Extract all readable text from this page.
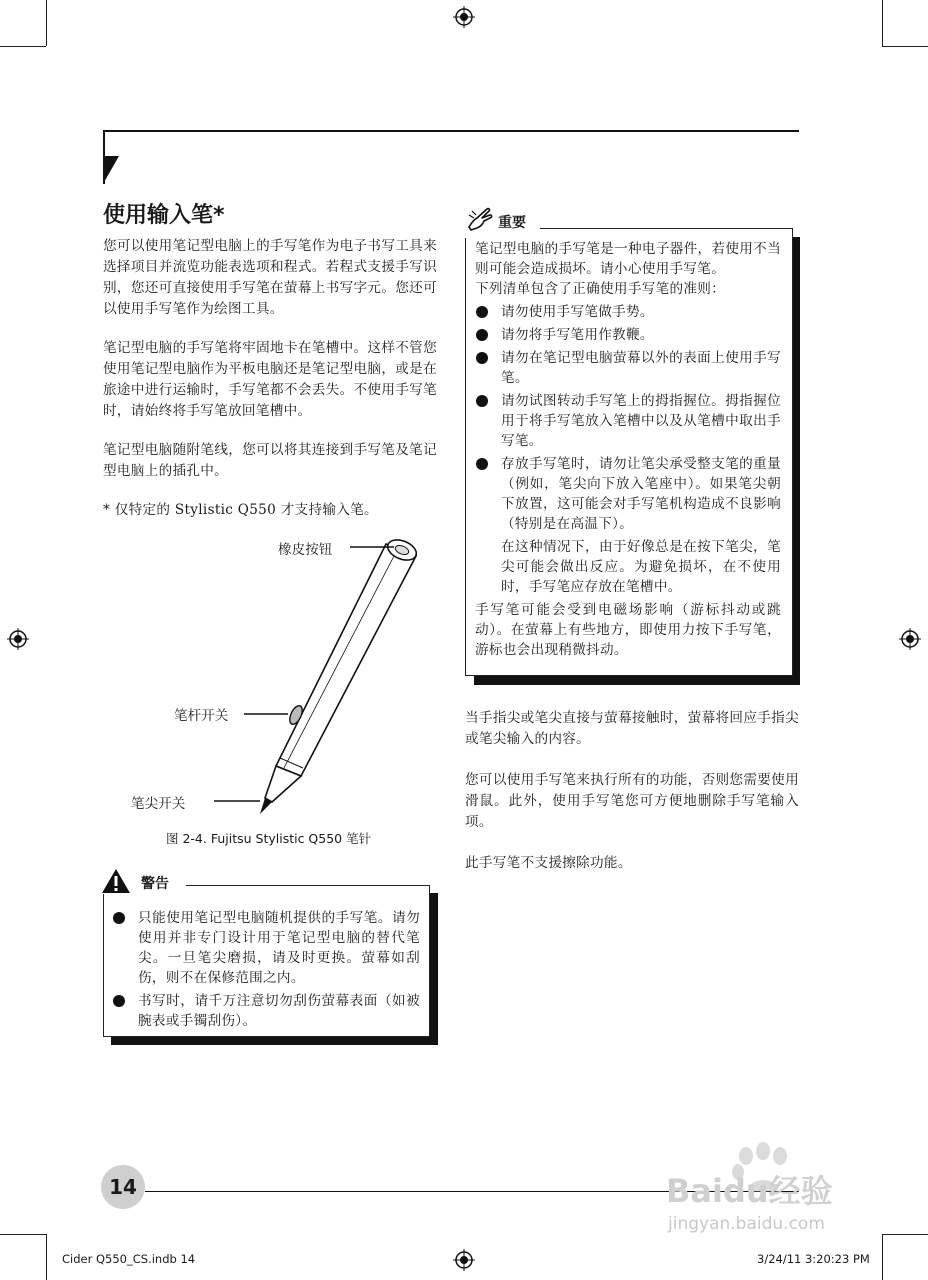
使用输入笔*

您可以使用笔记型电脑上的手写笔作为电子书写工具来选择项目并流览功能表选项和程式。若程式支援手写识别，您还可直接使用手写笔在萤幕上书写字元。您还可以使用手写笔作为绘图工具。

笔记型电脑的手写笔将牢固地卡在笔槽中。这样不管您使用笔记型电脑作为平板电脑还是笔记型电脑，或是在旅途中进行运输时，手写笔都不会丢失。不使用手写笔时，请始终将手写笔放回笔槽中。

笔记型电脑随附笔线，您可以将其连接到手写笔及笔记型电脑上的插孔中。

* 仅特定的 Stylistic Q550 才支持输入笔。

橡皮按钮
笔杆开关
笔尖开关
图 2-4. Fujitsu Stylistic Q550 笔针
只能使用笔记型电脑随机提供的手写笔。请勿使用并非专门设计用于笔记型电脑的替代笔尖。一旦笔尖磨损，请及时更换。萤幕如刮伤，则不在保修范围之内。
书写时，请千万注意切勿刮伤萤幕表面（如被腕表或手镯刮伤）。
警告

笔记型电脑的手写笔是一种电子器件，若使用不当则可能会造成损坏。请小心使用手写笔。

下列清单包含了正确使用手写笔的准则：

请勿使用手写笔做手势。
请勿将手写笔用作教鞭。
请勿在笔记型电脑萤幕以外的表面上使用手写笔。
请勿试图转动手写笔上的拇指握位。拇指握位用于将手写笔放入笔槽中以及从笔槽中取出手写笔。
存放手写笔时，请勿让笔尖承受整支笔的重量（例如，笔尖向下放入笔座中）。如果笔尖朝下放置，这可能会对手写笔机构造成不良影响（特别是在高温下）。

在这种情况下，由于好像总是在按下笔尖，笔尖可能会做出反应。为避免损坏，在不使用时，手写笔应存放在笔槽中。

手写笔可能会受到电磁场影响（游标抖动或跳动）。在萤幕上有些地方，即使用力按下手写笔，游标也会出现稍微抖动。

重要

当手指尖或笔尖直接与萤幕接触时，萤幕将回应手指尖或笔尖输入的内容。

您可以使用手写笔来执行所有的功能，否则您需要使用滑鼠。此外，使用手写笔您可方便地删除手写笔输入项。

此手写笔不支援擦除功能。

14	Baidu经验
jingyan.baidu.com
Cider Q550_CS.indb 14	3/24/11 3:20:23 PM
